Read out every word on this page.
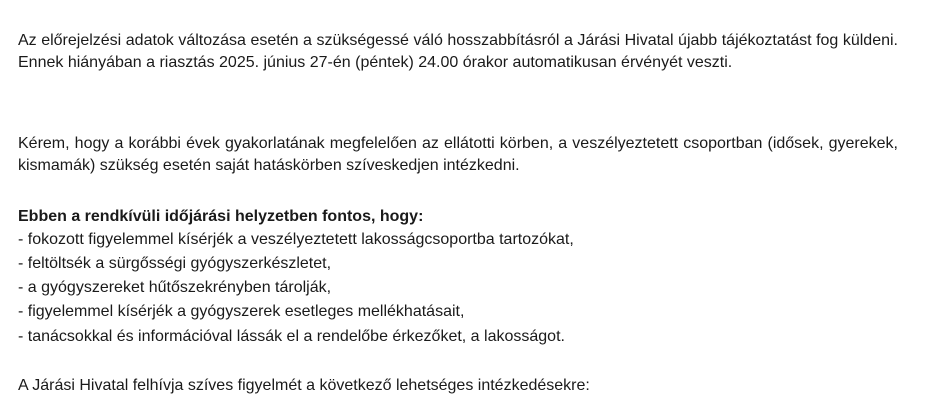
Az előrejelzési adatok változása esetén a szükségessé váló hosszabbításról a Járási Hivatal újabb tájékoztatást fog küldeni. Ennek hiányában a riasztás 2025. június 27-én (péntek) 24.00 órakor automatikusan érvényét veszti.

Kérem, hogy a korábbi évek gyakorlatának megfelelően az ellátotti körben, a veszélyeztetett csoportban (idősek, gyerekek, kismamák) szükség esetén saját hatáskörben szíveskedjen intézkedni.

Ebben a rendkívüli időjárási helyzetben fontos, hogy:

- fokozott figyelemmel kísérjék a veszélyeztetett lakosságcsoportba tartozókat,
- feltöltsék a sürgősségi gyógyszerkészletet,
- a gyógyszereket hűtőszekrényben tárolják,
- figyelemmel kísérjék a gyógyszerek esetleges mellékhatásait,
- tanácsokkal és információval lássák el a rendelőbe érkezőket, a lakosságot.

A Járási Hivatal felhívja szíves figyelmét a következő lehetséges intézkedésekre:
